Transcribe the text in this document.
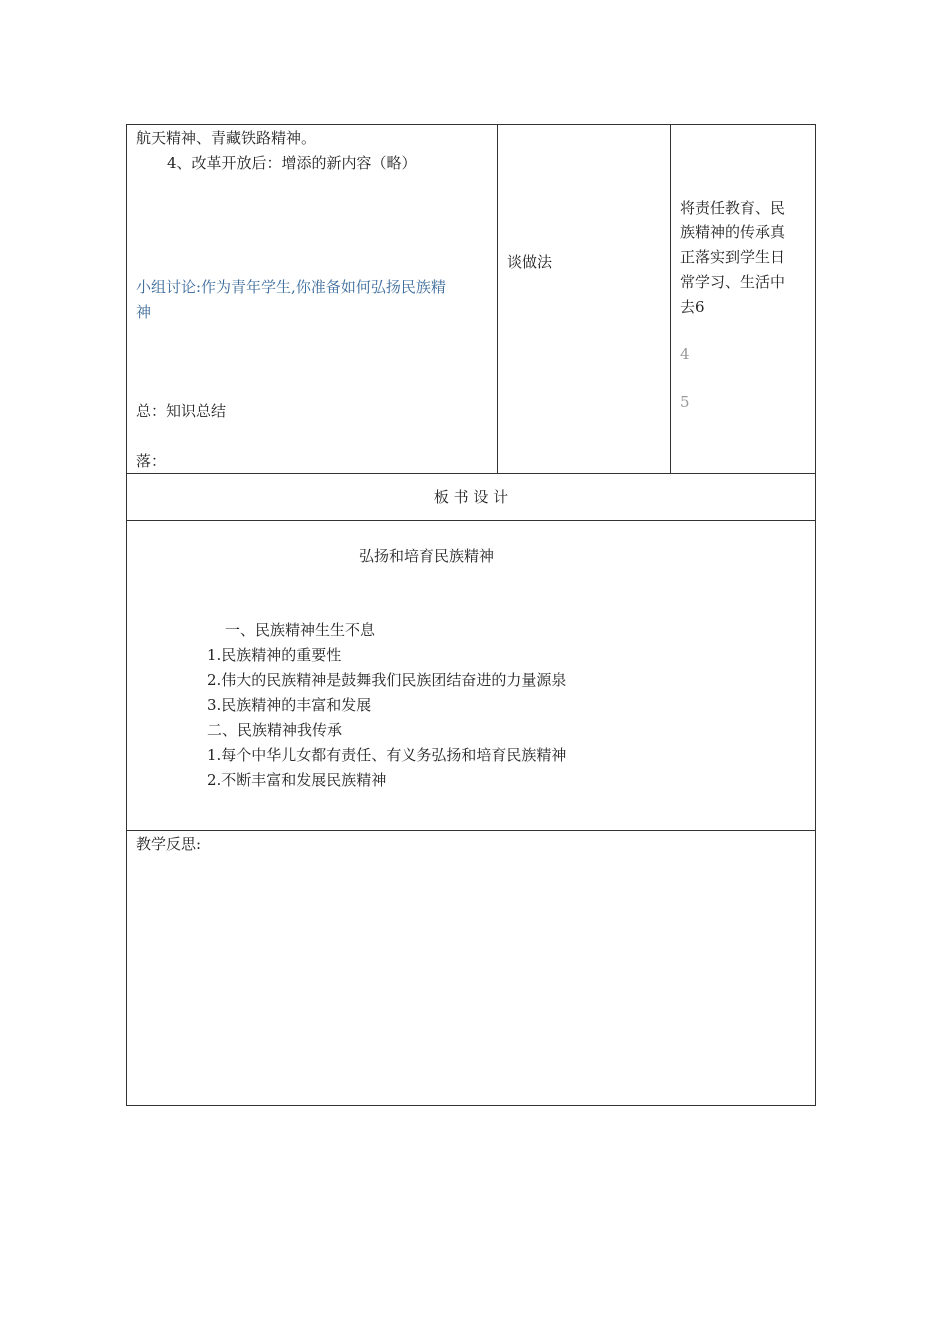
航天精神、青藏铁路精神。
4、改革开放后：增添的新内容（略）
小组讨论:作为青年学生,你准备如何弘扬民族精
神
总：知识总结
落：
谈做法
将责任教育、民
族精神的传承真
正落实到学生日
常学习、生活中
去6
4
5
板 书 设 计
弘扬和培育民族精神
一、民族精神生生不息
1.民族精神的重要性
2.伟大的民族精神是鼓舞我们民族团结奋进的力量源泉
3.民族精神的丰富和发展
二、民族精神我传承
1.每个中华儿女都有责任、有义务弘扬和培育民族精神
2.不断丰富和发展民族精神
教学反思:
